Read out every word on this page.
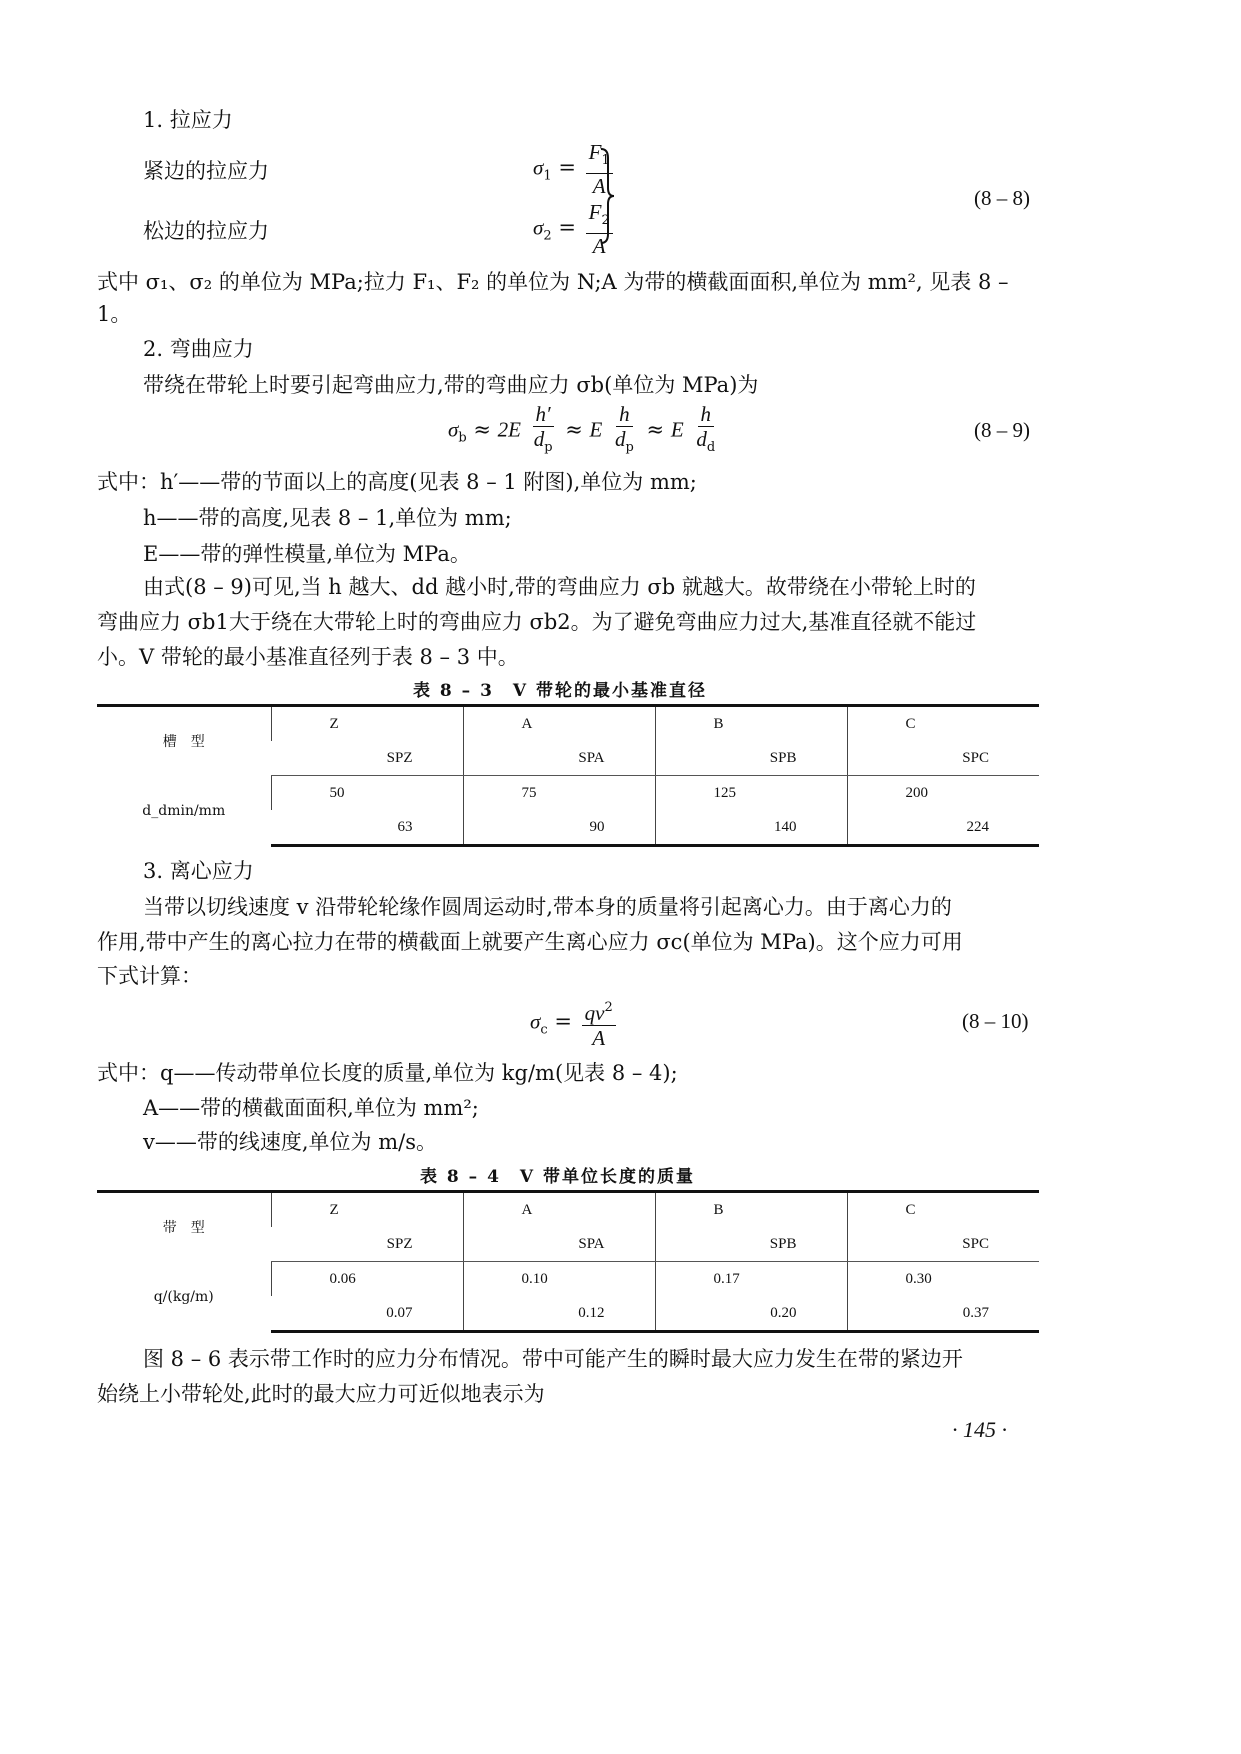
1. 拉应力
紧边的拉应力
松边的拉应力
$\sigma_1 = \frac{F_1}{A}$
$\sigma_2 = \frac{F_2}{A}$
(8 – 8)
式中 σ₁、σ₂ 的单位为 MPa;拉力 F₁、F₂ 的单位为 N;A 为带的横截面面积,单位为 mm², 见表 8 –
1。
2. 弯曲应力
带绕在带轮上时要引起弯曲应力,带的弯曲应力 σb(单位为 MPa)为
$\sigma_b \approx 2E \frac{h'}{d_p} \approx E \frac{h}{d_p} \approx E \frac{h}{d_d}$	(8 – 9)
式中：h′——带的节面以上的高度(见表 8 – 1 附图),单位为 mm;
h——带的高度,见表 8 – 1,单位为 mm;
E——带的弹性模量,单位为 MPa。
由式(8 – 9)可见,当 h 越大、dd 越小时,带的弯曲应力 σb 就越大。故带绕在小带轮上时的
弯曲应力 σb1大于绕在大带轮上时的弯曲应力 σb2。为了避免弯曲应力过大,基准直径就不能过
小。V 带轮的最小基准直径列于表 8 – 3 中。
表 8 – 3　V 带轮的最小基准直径
槽　型	Z	A	B	C
	SPZ	SPA	SPB	SPC
d_dmin/mm	50	75	125	200
	63	90	140	224
3. 离心应力
当带以切线速度 v 沿带轮轮缘作圆周运动时,带本身的质量将引起离心力。由于离心力的
作用,带中产生的离心拉力在带的横截面上就要产生离心应力 σc(单位为 MPa)。这个应力可用
下式计算：
$\sigma_c = \frac{qv^2}{A}$	(8 – 10)
式中：q——传动带单位长度的质量,单位为 kg/m(见表 8 – 4);
A——带的横截面面积,单位为 mm²;
v——带的线速度,单位为 m/s。
表 8 – 4　V 带单位长度的质量
带　型	Z	A	B	C
	SPZ	SPA	SPB	SPC
q/(kg/m)	0.06	0.10	0.17	0.30
	0.07	0.12	0.20	0.37
图 8 – 6 表示带工作时的应力分布情况。带中可能产生的瞬时最大应力发生在带的紧边开
始绕上小带轮处,此时的最大应力可近似地表示为
· 145 ·
